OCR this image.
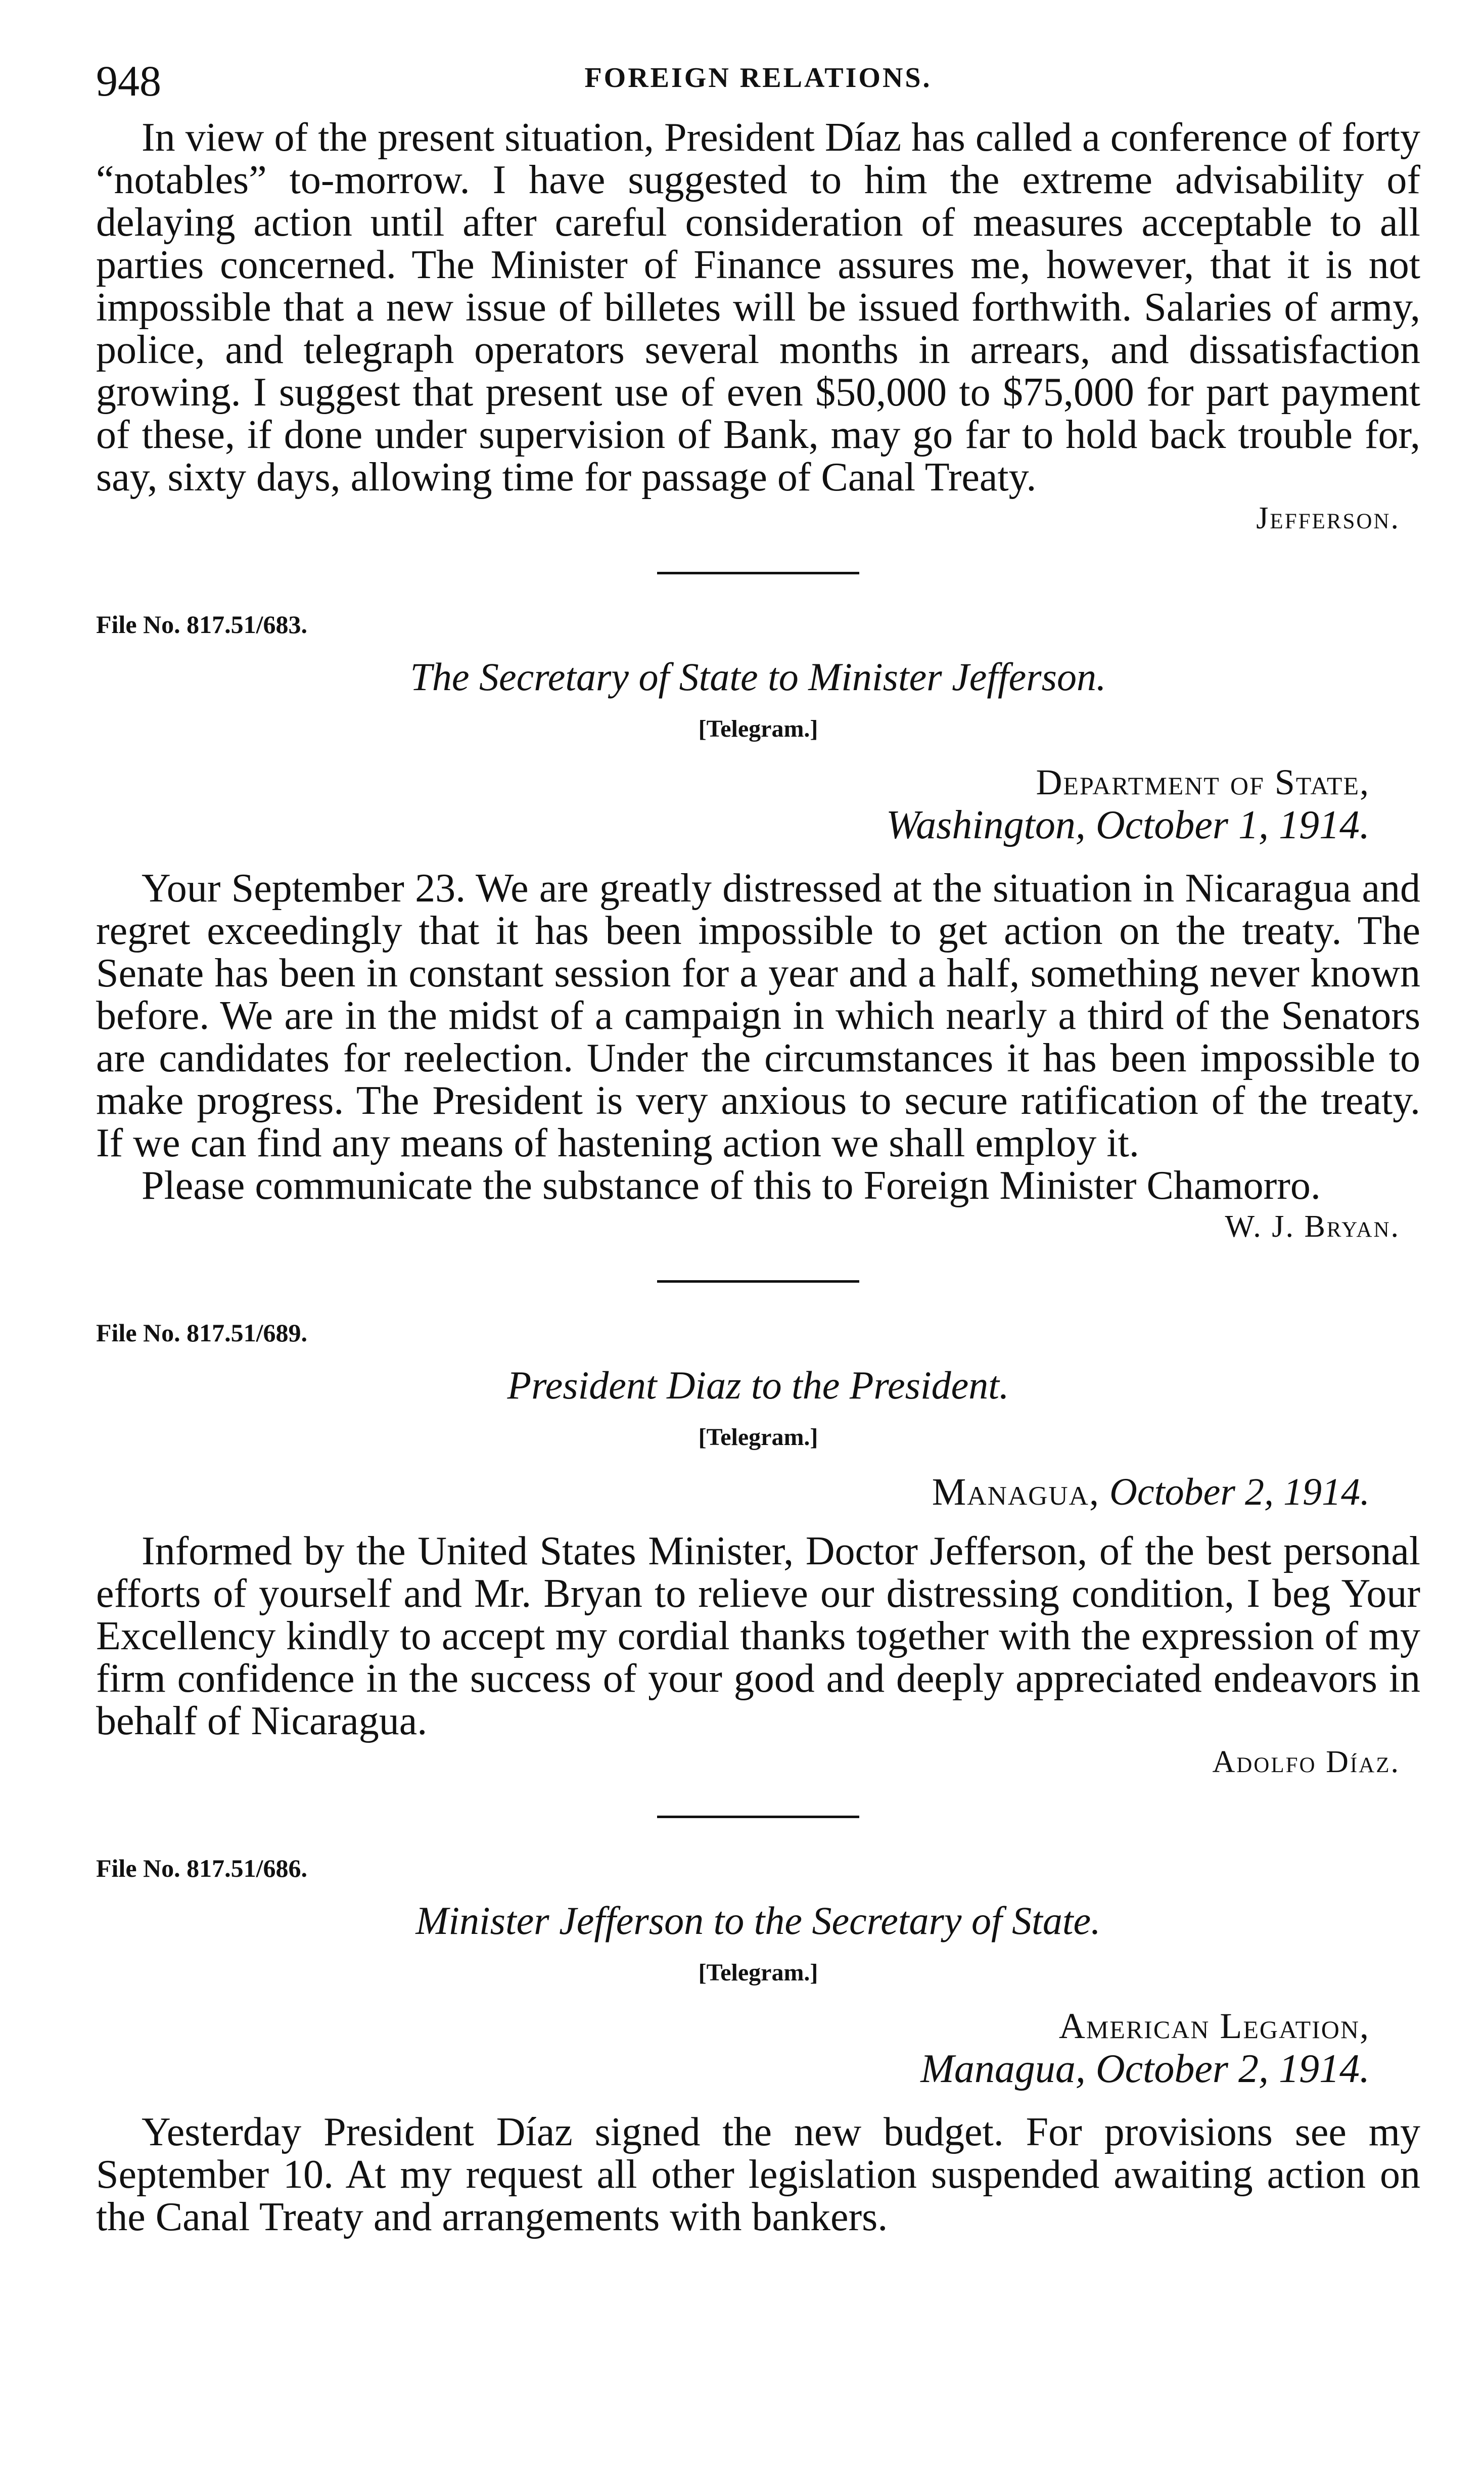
948	FOREIGN RELATIONS.

In view of the present situation, President Díaz has called a conference of forty “notables” to-morrow. I have suggested to him the extreme advisability of delaying action until after careful consideration of measures acceptable to all parties concerned. The Minister of Finance assures me, however, that it is not impossible that a new issue of billetes will be issued forthwith. Salaries of army, police, and telegraph operators several months in arrears, and dissatisfaction growing. I suggest that present use of even $50,000 to $75,000 for part payment of these, if done under supervision of Bank, may go far to hold back trouble for, say, sixty days, allowing time for passage of Canal Treaty.

Jefferson.
File No. 817.51/683.
The Secretary of State to Minister Jefferson.
[Telegram.]
Department of State,
Washington, October 1, 1914.

Your September 23. We are greatly distressed at the situation in Nicaragua and regret exceedingly that it has been impossible to get action on the treaty. The Senate has been in constant session for a year and a half, something never known before. We are in the midst of a campaign in which nearly a third of the Senators are candidates for reelection. Under the circumstances it has been impossible to make progress. The President is very anxious to secure ratification of the treaty. If we can find any means of hastening action we shall employ it.

Please communicate the substance of this to Foreign Minister Chamorro.

W. J. Bryan.
File No. 817.51/689.
President Diaz to the President.
[Telegram.]
Managua, October 2, 1914.

Informed by the United States Minister, Doctor Jefferson, of the best personal efforts of yourself and Mr. Bryan to relieve our distressing condition, I beg Your Excellency kindly to accept my cordial thanks together with the expression of my firm confidence in the success of your good and deeply appreciated endeavors in behalf of Nicaragua.

Adolfo Díaz.
File No. 817.51/686.
Minister Jefferson to the Secretary of State.
[Telegram.]
American Legation,
Managua, October 2, 1914.

Yesterday President Díaz signed the new budget. For provisions see my September 10. At my request all other legislation suspended awaiting action on the Canal Treaty and arrangements with bankers.
